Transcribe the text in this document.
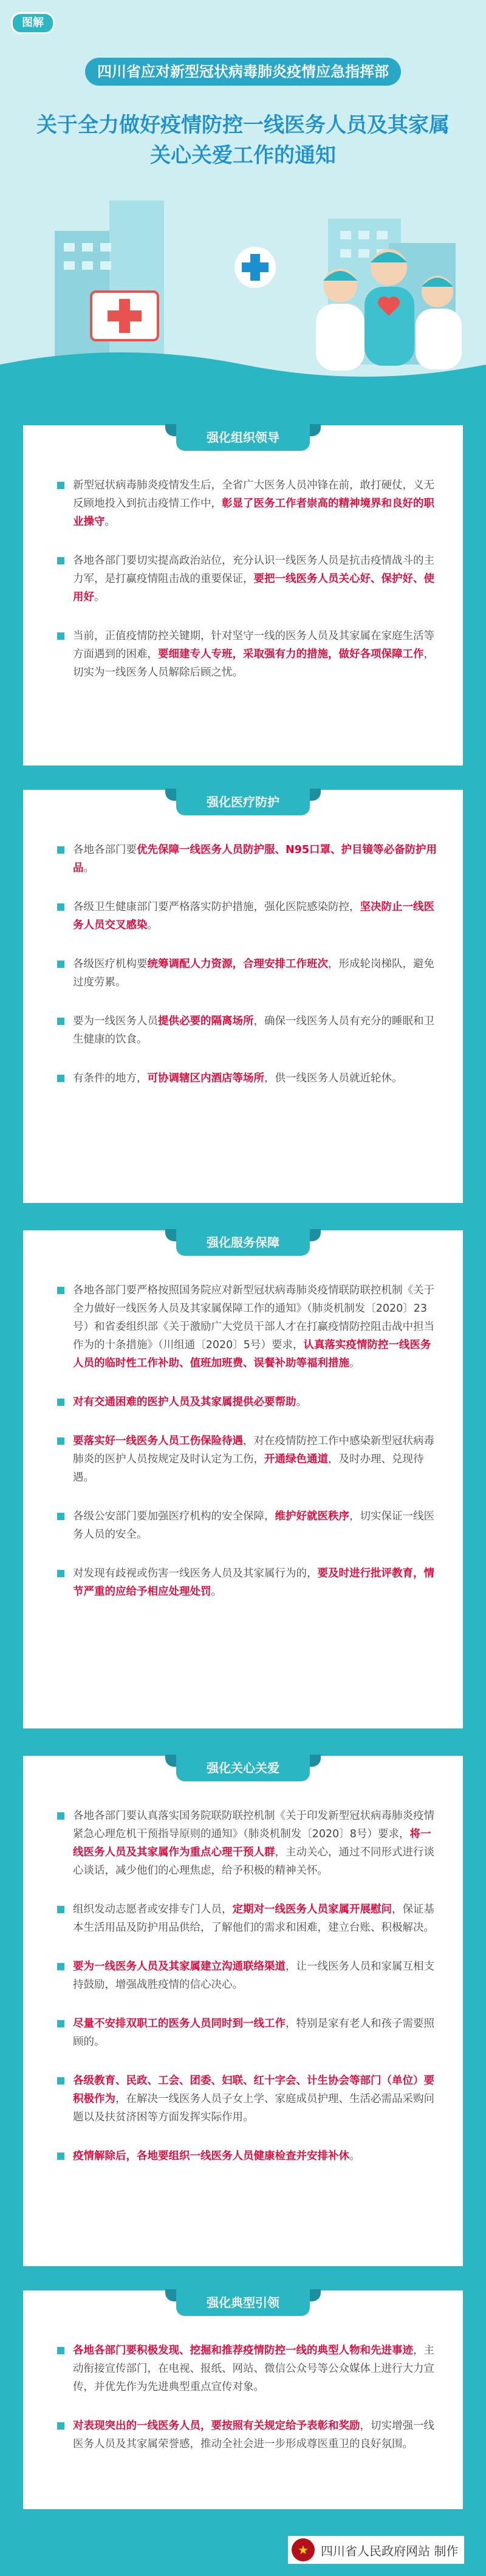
图解
四川省应对新型冠状病毒肺炎疫情应急指挥部
关于全力做好疫情防控一线医务人员及其家属
关心关爱工作的通知
强化组织领导
新型冠状病毒肺炎疫情发生后，全省广大医务人员冲锋在前，敢打硬仗，义无反顾地投入到抗击疫情工作中，彰显了医务工作者崇高的精神境界和良好的职业操守。
各地各部门要切实提高政治站位，充分认识一线医务人员是抗击疫情战斗的主力军，是打赢疫情阻击战的重要保证，要把一线医务人员关心好、保护好、使用好。
当前，正值疫情防控关键期，针对坚守一线的医务人员及其家属在家庭生活等方面遇到的困难，要细建专人专班，采取强有力的措施，做好各项保障工作，切实为一线医务人员解除后顾之忧。
强化医疗防护
各地各部门要优先保障一线医务人员防护服、N95口罩、护目镜等必备防护用品。
各级卫生健康部门要严格落实防护措施，强化医院感染防控，坚决防止一线医务人员交叉感染。
各级医疗机构要统筹调配人力资源，合理安排工作班次，形成轮岗梯队，避免过度劳累。
要为一线医务人员提供必要的隔离场所，确保一线医务人员有充分的睡眠和卫生健康的饮食。
有条件的地方，可协调辖区内酒店等场所，供一线医务人员就近轮休。
强化服务保障
各地各部门要严格按照国务院应对新型冠状病毒肺炎疫情联防联控机制《关于全力做好一线医务人员及其家属保障工作的通知》（肺炎机制发〔2020〕23号）和省委组织部《关于激励广大党员干部人才在打赢疫情防控阻击战中担当作为的十条措施》（川组通〔2020〕5号）要求，认真落实疫情防控一线医务人员的临时性工作补助、值班加班费、误餐补助等福利措施。
对有交通困难的医护人员及其家属提供必要帮助。
要落实好一线医务人员工伤保险待遇，对在疫情防控工作中感染新型冠状病毒肺炎的医护人员按规定及时认定为工伤，开通绿色通道，及时办理、兑现待遇。
各级公安部门要加强医疗机构的安全保障，维护好就医秩序，切实保证一线医务人员的安全。
对发现有歧视或伤害一线医务人员及其家属行为的，要及时进行批评教育，情节严重的应给予相应处理处罚。
强化关心关爱
各地各部门要认真落实国务院联防联控机制《关于印发新型冠状病毒肺炎疫情紧急心理危机干预指导原则的通知》（肺炎机制发〔2020〕8号）要求，将一线医务人员及其家属作为重点心理干预人群，主动关心，通过不同形式进行谈心谈话，减少他们的心理焦虑，给予积极的精神关怀。
组织发动志愿者或安排专门人员，定期对一线医务人员家属开展慰问，保证基本生活用品及防护用品供给，了解他们的需求和困难，建立台账、积极解决。
要为一线医务人员及其家属建立沟通联络渠道，让一线医务人员和家属互相支持鼓励，增强战胜疫情的信心决心。
尽量不安排双职工的医务人员同时到一线工作，特别是家有老人和孩子需要照顾的。
各级教育、民政、工会、团委、妇联、红十字会、计生协会等部门（单位）要积极作为，在解决一线医务人员子女上学、家庭成员护理、生活必需品采购问题以及扶贫济困等方面发挥实际作用。
疫情解除后，各地要组织一线医务人员健康检查并安排补休。
强化典型引领
各地各部门要积极发现、挖掘和推荐疫情防控一线的典型人物和先进事迹，主动衔接宣传部门，在电视、报纸、网站、微信公众号等公众媒体上进行大力宣传，并优先作为先进典型重点宣传对象。
对表现突出的一线医务人员，要按照有关规定给予表彰和奖励，切实增强一线医务人员及其家属荣誉感，推动全社会进一步形成尊医重卫的良好氛围。
★	四川省人民政府网站 制作
